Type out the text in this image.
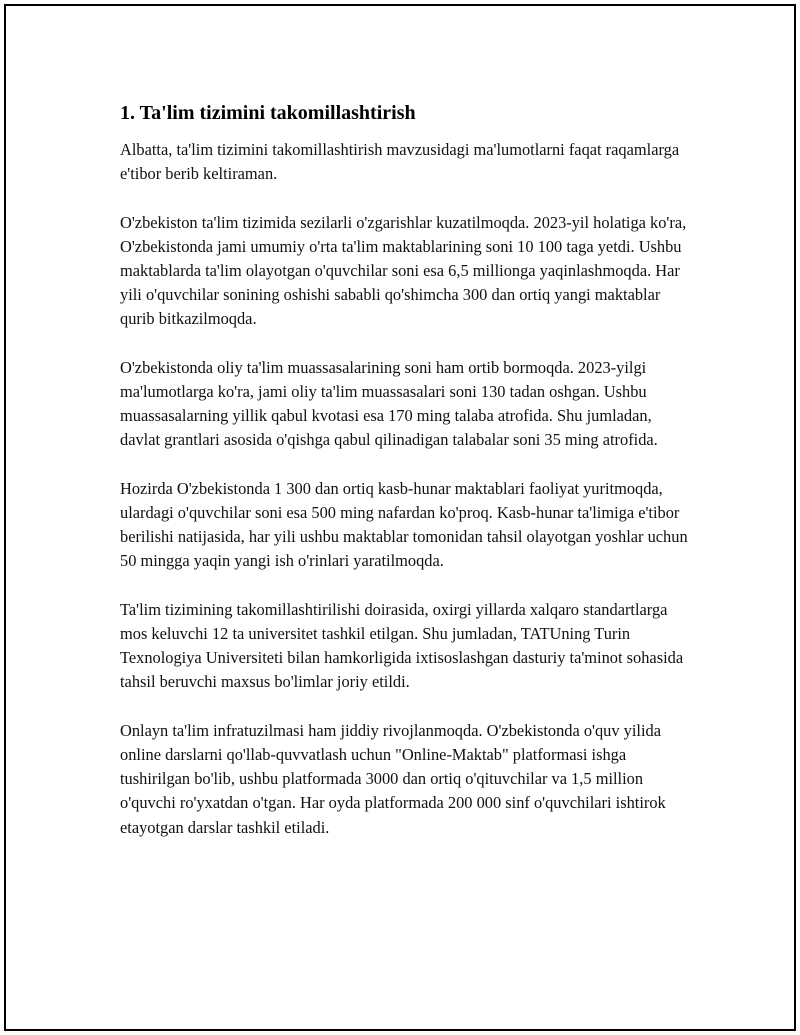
1. Ta'lim tizimini takomillashtirish

Albatta, ta'lim tizimini takomillashtirish mavzusidagi ma'lumotlarni faqat raqamlarga e'tibor berib keltiraman.

O'zbekiston ta'lim tizimida sezilarli o'zgarishlar kuzatilmoqda. 2023-yil holatiga ko'ra, O'zbekistonda jami umumiy o'rta ta'lim maktablarining soni 10 100 taga yetdi. Ushbu maktablarda ta'lim olayotgan o'quvchilar soni esa 6,5 millionga yaqinlashmoqda. Har yili o'quvchilar sonining oshishi sababli qo'shimcha 300 dan ortiq yangi maktablar qurib bitkazilmoqda.

O'zbekistonda oliy ta'lim muassasalarining soni ham ortib bormoqda. 2023-yilgi ma'lumotlarga ko'ra, jami oliy ta'lim muassasalari soni 130 tadan oshgan. Ushbu muassasalarning yillik qabul kvotasi esa 170 ming talaba atrofida. Shu jumladan, davlat grantlari asosida o'qishga qabul qilinadigan talabalar soni 35 ming atrofida.

Hozirda O'zbekistonda 1 300 dan ortiq kasb-hunar maktablari faoliyat yuritmoqda, ulardagi o'quvchilar soni esa 500 ming nafardan ko'proq. Kasb-hunar ta'limiga e'tibor berilishi natijasida, har yili ushbu maktablar tomonidan tahsil olayotgan yoshlar uchun 50 mingga yaqin yangi ish o'rinlari yaratilmoqda.

Ta'lim tizimining takomillashtirilishi doirasida, oxirgi yillarda xalqaro standartlarga mos keluvchi 12 ta universitet tashkil etilgan. Shu jumladan, TATUning Turin Texnologiya Universiteti bilan hamkorligida ixtisoslashgan dasturiy ta'minot sohasida tahsil beruvchi maxsus bo'limlar joriy etildi.

Onlayn ta'lim infratuzilmasi ham jiddiy rivojlanmoqda. O'zbekistonda o'quv yilida online darslarni qo'llab-quvvatlash uchun "Online-Maktab" platformasi ishga tushirilgan bo'lib, ushbu platformada 3000 dan ortiq o'qituvchilar va 1,5 million o'quvchi ro'yxatdan o'tgan. Har oyda platformada 200 000 sinf o'quvchilari ishtirok etayotgan darslar tashkil etiladi.
